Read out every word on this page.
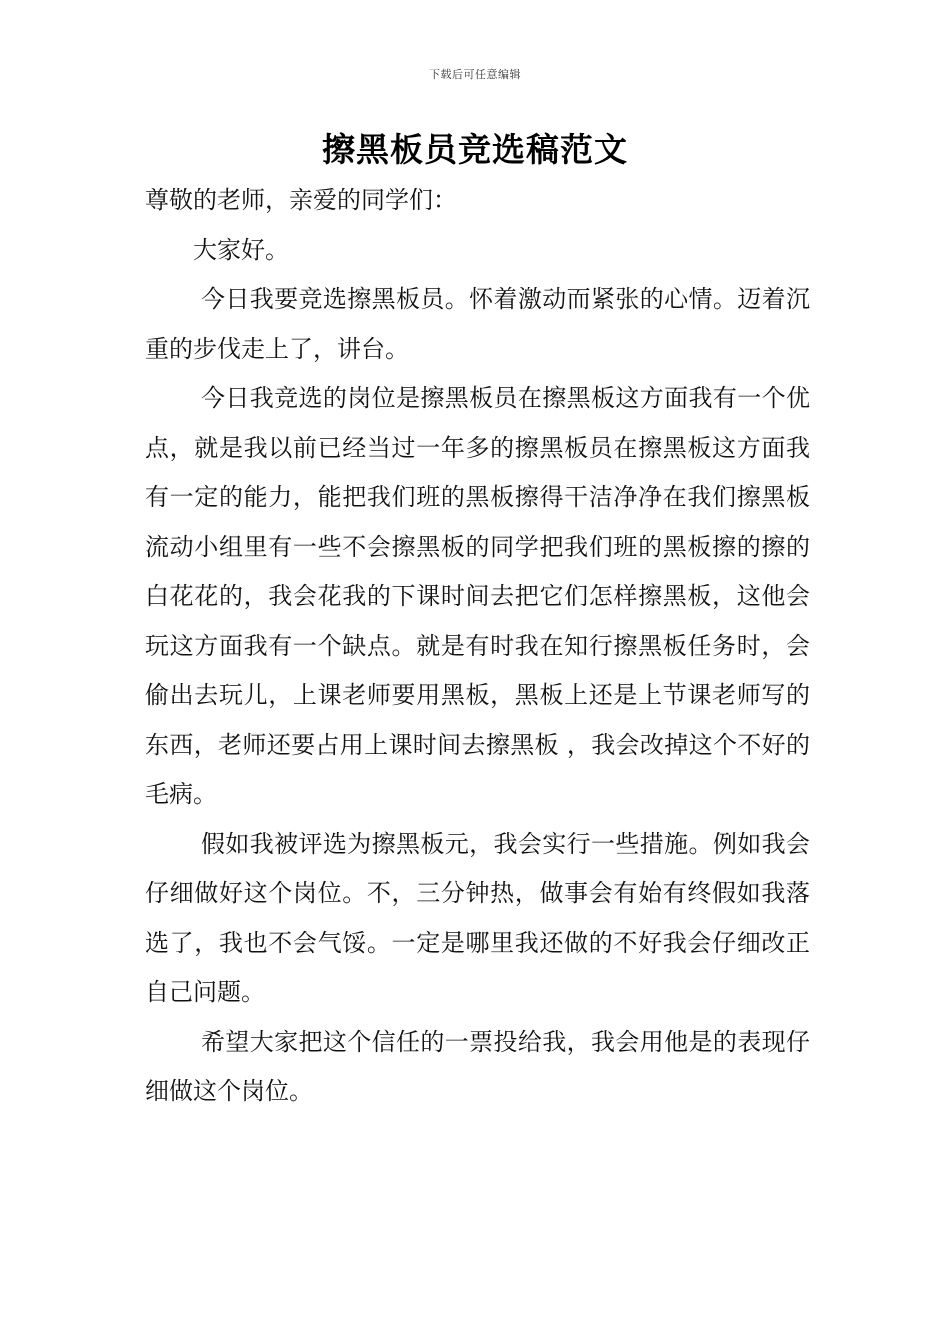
下载后可任意编辑
擦黑板员竞选稿范文

尊敬的老师，亲爱的同学们：

大家好。

今日我要竞选擦黑板员。怀着激动而紧张的心情。迈着沉重的步伐走上了，讲台。

今日我竞选的岗位是擦黑板员在擦黑板这方面我有一个优点，就是我以前已经当过一年多的擦黑板员在擦黑板这方面我有一定的能力，能把我们班的黑板擦得干洁净净在我们擦黑板流动小组里有一些不会擦黑板的同学把我们班的黑板擦的擦的白花花的，我会花我的下课时间去把它们怎样擦黑板，这他会玩这方面我有一个缺点。就是有时我在知行擦黑板任务时，会偷出去玩儿，上课老师要用黑板，黑板上还是上节课老师写的东西，老师还要占用上课时间去擦黑板 ，我会改掉这个不好的毛病。

假如我被评选为擦黑板元，我会实行一些措施。例如我会仔细做好这个岗位。不，三分钟热，做事会有始有终假如我落选了，我也不会气馁。一定是哪里我还做的不好我会仔细改正自己问题。

希望大家把这个信任的一票投给我，我会用他是的表现仔细做这个岗位。
